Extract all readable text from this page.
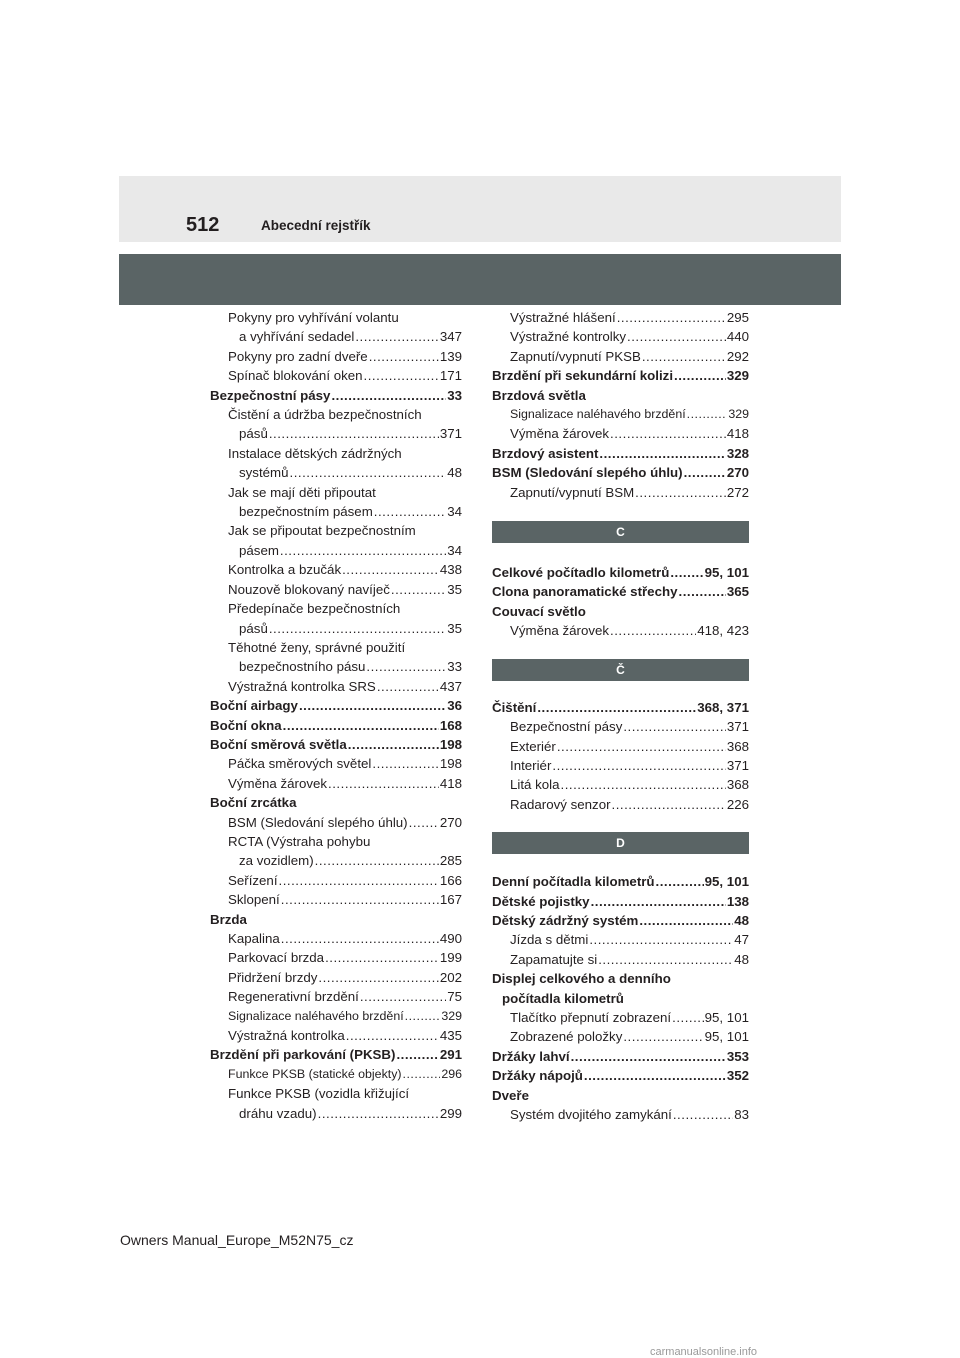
512	Abecední rejstřík
Pokyny pro vyhřívání volantu
a vyhřívání sedadel .....	347
Pokyny pro zadní dveře .....	139
Spínač blokování oken .....	171
Bezpečnostní pásy .....	33
Čistění a údržba bezpečnostních
pásů .....	371
Instalace dětských zádržných
systémů .....	48
Jak se mají děti připoutat
bezpečnostním pásem .....	34
Jak se připoutat bezpečnostním
pásem .....	34
Kontrolka a bzučák .....	438
Nouzově blokovaný navíječ .....	35
Předepínače bezpečnostních
pásů .....	35
Těhotné ženy, správné použití
bezpečnostního pásu .....	33
Výstražná kontrolka SRS .....	437
Boční airbagy .....	36
Boční okna .....	168
Boční směrová světla .....	198
Páčka směrových světel .....	198
Výměna žárovek .....	418
Boční zrcátka
BSM (Sledování slepého úhlu) ..... 270
RCTA (Výstraha pohybu
za vozidlem) .....	285
Seřízení .....	166
Sklopení .....	167
Brzda
Kapalina .....	490
Parkovací brzda .....	199
Přidržení brzdy .....	202
Regenerativní brzdění .....	75
Signalizace naléhavého brzdění .....	329
Výstražná kontrolka .....	435
Brzdění při parkování (PKSB) .....	291
Funkce PKSB (statické objekty) .....	296
Funkce PKSB (vozidla křižující
dráhu vzadu) .....	299
Výstražné hlášení .....	295
Výstražné kontrolky .....	440
Zapnutí/vypnutí PKSB .....	292
Brzdění při sekundární kolizi .....	329
Brzdová světla
Signalizace naléhavého brzdění .....	329
Výměna žárovek .....	418
Brzdový asistent .....	328
BSM (Sledování slepého úhlu) .....	270
Zapnutí/vypnutí BSM .....	272
C
Celkové počítadlo kilometrů .....	95, 101
Clona panoramatické střechy .....	365
Couvací světlo
Výměna žárovek .....	418, 423
Č
Čištění .....	368, 371
Bezpečnostní pásy .....	371
Exteriér .....	368
Interiér .....	371
Litá kola .....	368
Radarový senzor .....	226
D
Denní počítadla kilometrů .....	95, 101
Dětské pojistky .....	138
Dětský zádržný systém .....	48
Jízda s dětmi .....	47
Zapamatujte si .....	48
Displej celkového a denního
počítadla kilometrů
Tlačítko přepnutí zobrazení .....	95, 101
Zobrazené položky .....	95, 101
Držáky lahví .....	353
Držáky nápojů .....	352
Dveře
Systém dvojitého zamykání .....	83
Owners Manual_Europe_M52N75_cz
carmanualsonline.info
